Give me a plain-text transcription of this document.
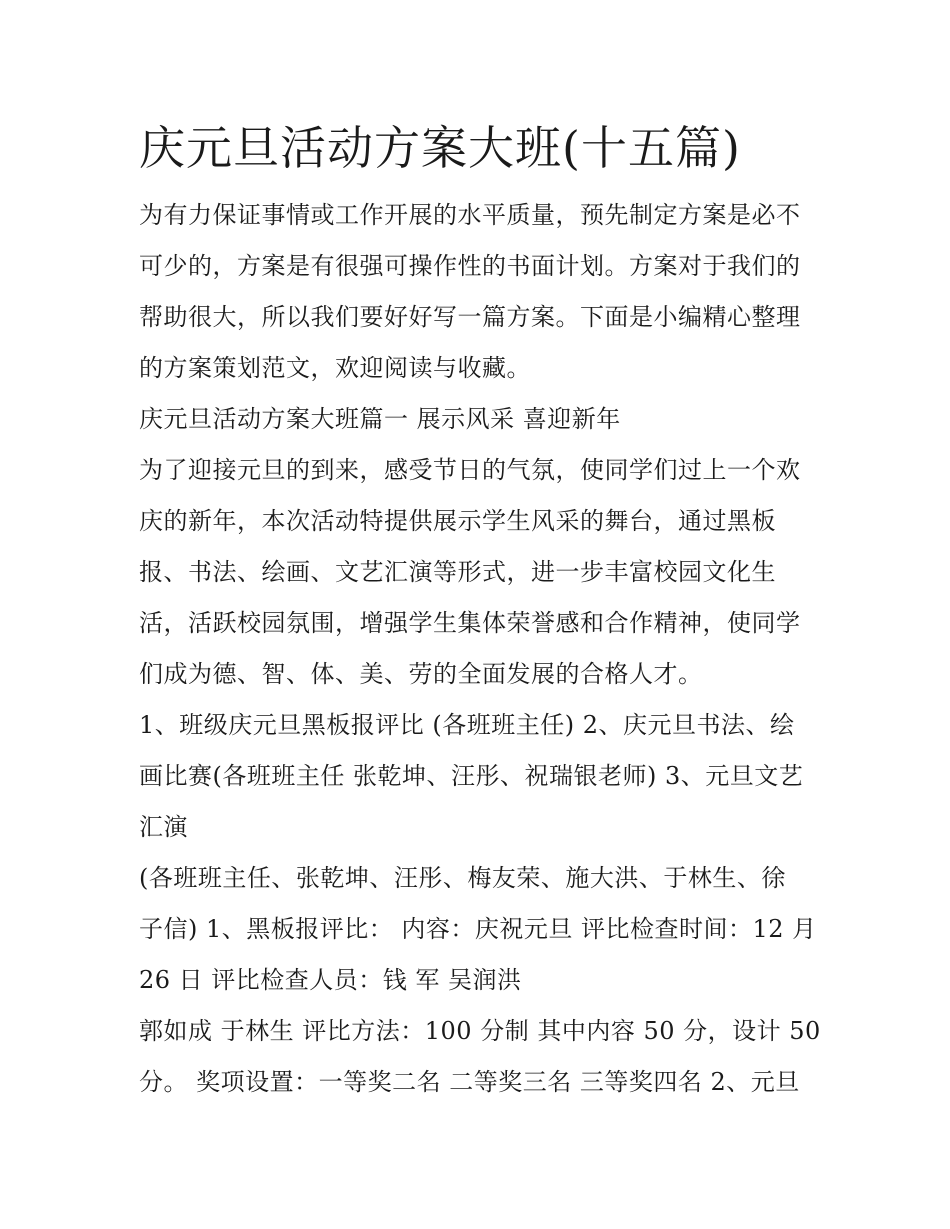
庆元旦活动方案大班(十五篇)
为有力保证事情或工作开展的水平质量，预先制定方案是必不
可少的，方案是有很强可操作性的书面计划。方案对于我们的
帮助很大，所以我们要好好写一篇方案。下面是小编精心整理
的方案策划范文，欢迎阅读与收藏。
庆元旦活动方案大班篇一 展示风采 喜迎新年
为了迎接元旦的到来，感受节日的气氛，使同学们过上一个欢
庆的新年，本次活动特提供展示学生风采的舞台，通过黑板
报、书法、绘画、文艺汇演等形式，进一步丰富校园文化生
活，活跃校园氛围，增强学生集体荣誉感和合作精神，使同学
们成为德、智、体、美、劳的全面发展的合格人才。
1、班级庆元旦黑板报评比 (各班班主任) 2、庆元旦书法、绘
画比赛(各班班主任 张乾坤、汪彤、祝瑞银老师) 3、元旦文艺
汇演
(各班班主任、张乾坤、汪彤、梅友荣、施大洪、于林生、徐
子信) 1、黑板报评比： 内容：庆祝元旦 评比检查时间：12 月
26 日 评比检查人员：钱 军 吴润洪
郭如成 于林生 评比方法：100 分制 其中内容 50 分，设计 50
分。 奖项设置：一等奖二名 二等奖三名 三等奖四名 2、元旦
